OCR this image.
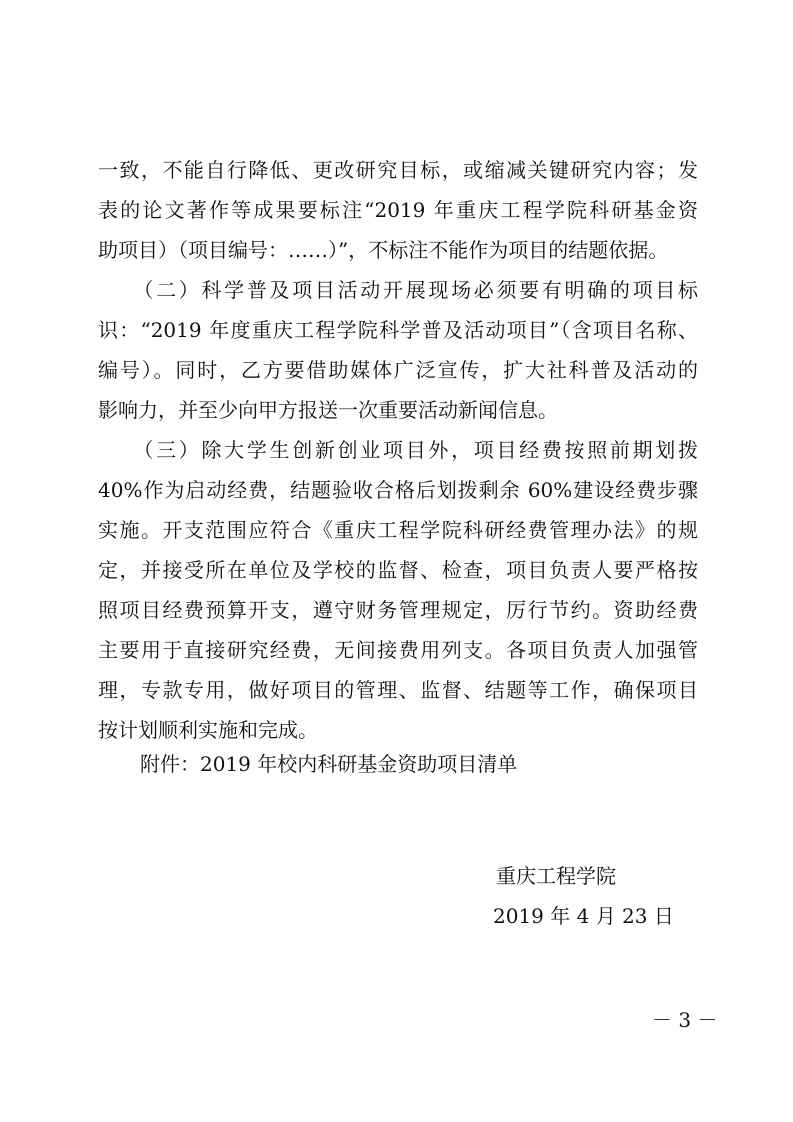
一致，不能自行降低、更改研究目标，或缩减关键研究内容；发
表的论文著作等成果要标注“2019 年重庆工程学院科研基金资
助项目）（项目编号：……）”，不标注不能作为项目的结题依据。
　　（二）科学普及项目活动开展现场必须要有明确的项目标
识：“2019 年度重庆工程学院科学普及活动项目”（含项目名称、
编号）。同时，乙方要借助媒体广泛宣传，扩大社科普及活动的
影响力，并至少向甲方报送一次重要活动新闻信息。
　　（三）除大学生创新创业项目外，项目经费按照前期划拨
40%作为启动经费，结题验收合格后划拨剩余 60%建设经费步骤
实施。开支范围应符合《重庆工程学院科研经费管理办法》的规
定，并接受所在单位及学校的监督、检查，项目负责人要严格按
照项目经费预算开支，遵守财务管理规定，厉行节约。资助经费
主要用于直接研究经费，无间接费用列支。各项目负责人加强管
理，专款专用，做好项目的管理、监督、结题等工作，确保项目
按计划顺利实施和完成。
附件：2019 年校内科研基金资助项目清单
重庆工程学院
2019 年 4 月 23 日
－ 3 －
